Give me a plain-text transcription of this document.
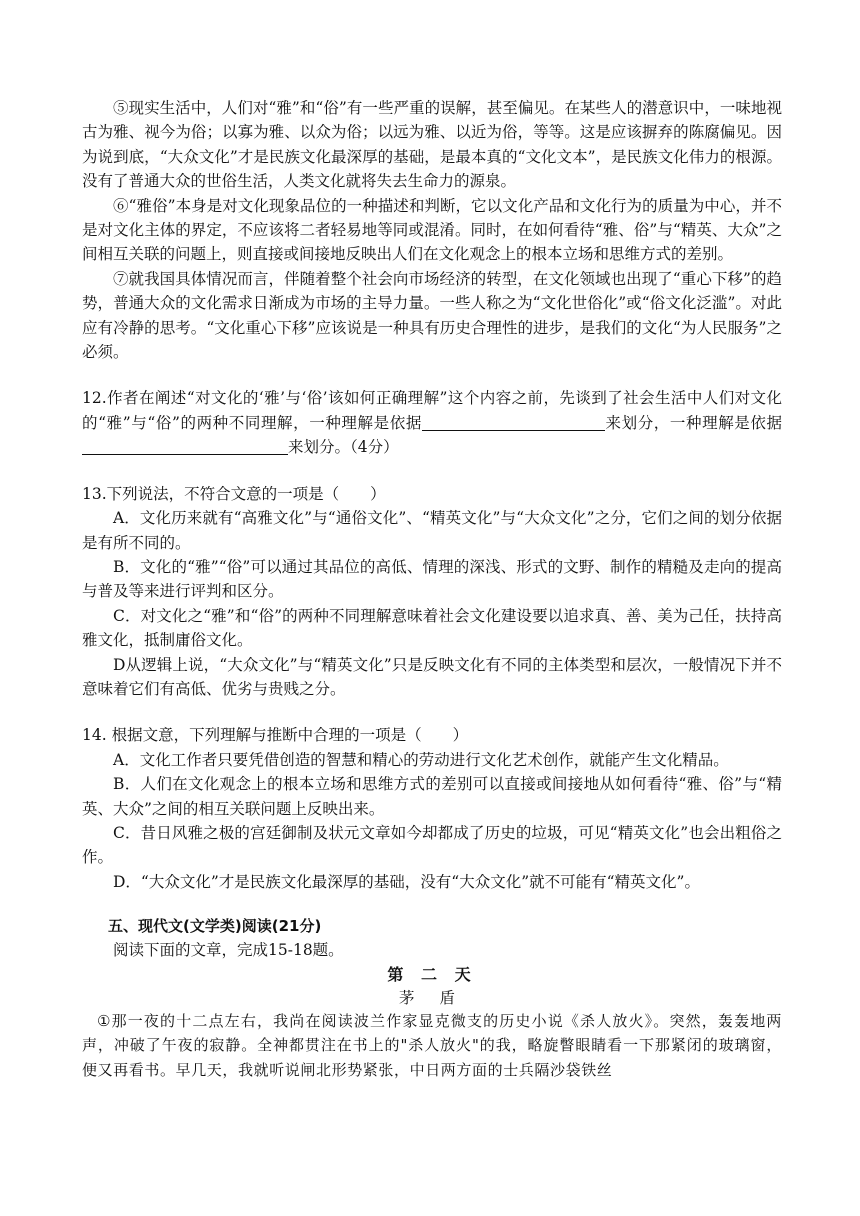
⑤现实生活中，人们对“雅”和“俗”有一些严重的误解，甚至偏见。在某些人的潜意识中，一味地视古为雅、视今为俗；以寡为雅、以众为俗；以远为雅、以近为俗，等等。这是应该摒弃的陈腐偏见。因为说到底，“大众文化”才是民族文化最深厚的基础，是最本真的“文化文本”，是民族文化伟力的根源。没有了普通大众的世俗生活，人类文化就将失去生命力的源泉。

⑥“雅俗”本身是对文化现象品位的一种描述和判断，它以文化产品和文化行为的质量为中心，并不是对文化主体的界定，不应该将二者轻易地等同或混淆。同时，在如何看待“雅、俗”与“精英、大众”之间相互关联的问题上，则直接或间接地反映出人们在文化观念上的根本立场和思维方式的差别。

⑦就我国具体情况而言，伴随着整个社会向市场经济的转型，在文化领域也出现了“重心下移”的趋势，普通大众的文化需求日渐成为市场的主导力量。一些人称之为“文化世俗化”或“俗文化泛滥”。对此应有冷静的思考。“文化重心下移”应该说是一种具有历史合理性的进步，是我们的文化“为人民服务”之必须。

12.作者在阐述“对文化的‘雅’与‘俗’该如何正确理解”这个内容之前，先谈到了社会生活中人们对文化的“雅”与“俗”的两种不同理解，一种理解是依据	来划分，一种理解是依据来划分。（4分）

13.下列说法，不符合文意的一项是（　　）

A．文化历来就有“高雅文化”与“通俗文化”、“精英文化”与“大众文化”之分，它们之间的划分依据是有所不同的。

B．文化的“雅”“俗”可以通过其品位的高低、情理的深浅、形式的文野、制作的精糙及走向的提高与普及等来进行评判和区分。

C．对文化之“雅”和“俗”的两种不同理解意味着社会文化建设要以追求真、善、美为己任，扶持高雅文化，抵制庸俗文化。

D从逻辑上说，“大众文化”与“精英文化”只是反映文化有不同的主体类型和层次，一般情况下并不意味着它们有高低、优劣与贵贱之分。

14. 根据文意，下列理解与推断中合理的一项是（　　）

A．文化工作者只要凭借创造的智慧和精心的劳动进行文化艺术创作，就能产生文化精品。

B．人们在文化观念上的根本立场和思维方式的差别可以直接或间接地从如何看待“雅、俗”与“精英、大众”之间的相互关联问题上反映出来。

C．昔日风雅之极的宫廷御制及状元文章如今却都成了历史的垃圾，可见“精英文化”也会出粗俗之作。

D．“大众文化”才是民族文化最深厚的基础，没有“大众文化”就不可能有“精英文化”。

五、现代文(文学类)阅读(21分)

阅读下面的文章，完成15-18题。

第 二 天

茅 盾

①那一夜的十二点左右，我尚在阅读波兰作家显克微支的历史小说《杀人放火》。突然，轰轰地两声，冲破了午夜的寂静。全神都贯注在书上的"杀人放火"的我，略旋瞥眼睛看一下那紧闭的玻璃窗，便又再看书。早几天，我就听说闸北形势紧张，中日两方面的士兵隔沙袋铁丝
